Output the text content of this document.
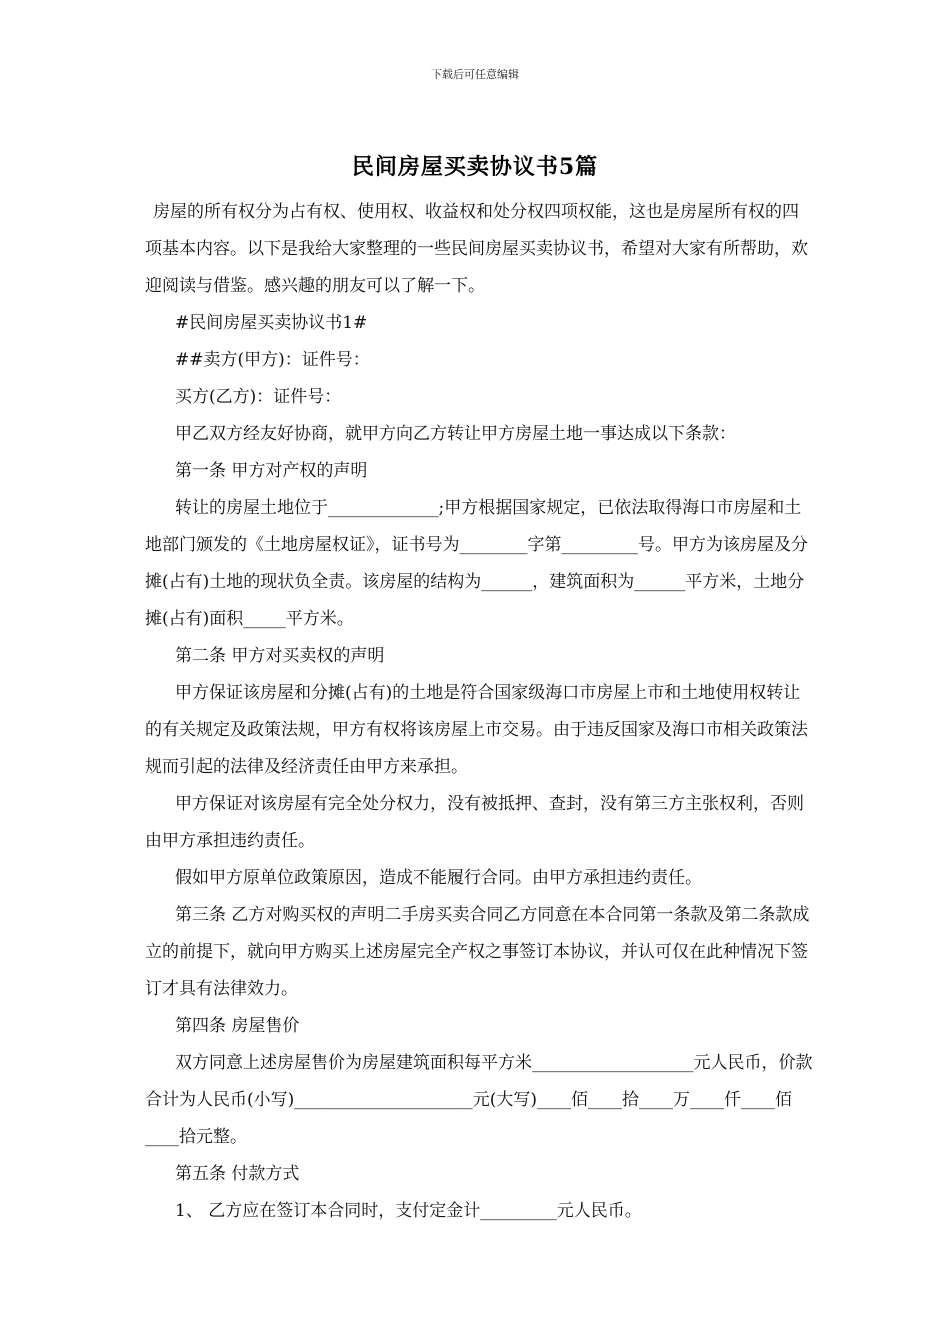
下载后可任意编辑
民间房屋买卖协议书5篇

房屋的所有权分为占有权、使用权、收益权和处分权四项权能，这也是房屋所有权的四项基本内容。以下是我给大家整理的一些民间房屋买卖协议书，希望对大家有所帮助，欢迎阅读与借鉴。感兴趣的朋友可以了解一下。

#民间房屋买卖协议书1#

##卖方(甲方)：证件号：

买方(乙方)：证件号：

甲乙双方经友好协商，就甲方向乙方转让甲方房屋土地一事达成以下条款：

第一条 甲方对产权的声明

转让的房屋土地位于_____________;甲方根据国家规定，已依法取得海口市房屋和土地部门颁发的《土地房屋权证》，证书号为________字第_________号。甲方为该房屋及分摊(占有)土地的现状负全责。该房屋的结构为______，建筑面积为______平方米，土地分摊(占有)面积_____平方米。

第二条 甲方对买卖权的声明

甲方保证该房屋和分摊(占有)的土地是符合国家级海口市房屋上市和土地使用权转让的有关规定及政策法规，甲方有权将该房屋上市交易。由于违反国家及海口市相关政策法规而引起的法律及经济责任由甲方来承担。

甲方保证对该房屋有完全处分权力，没有被抵押、查封，没有第三方主张权利，否则由甲方承担违约责任。

假如甲方原单位政策原因，造成不能履行合同。由甲方承担违约责任。

第三条 乙方对购买权的声明二手房买卖合同乙方同意在本合同第一条款及第二条款成立的前提下，就向甲方购买上述房屋完全产权之事签订本协议，并认可仅在此种情况下签订才具有法律效力。

第四条 房屋售价

双方同意上述房屋售价为房屋建筑面积每平方米___________________元人民币，价款合计为人民币(小写)_____________________元(大写)____佰____拾____万____仟____佰____拾元整。

第五条 付款方式

1、 乙方应在签订本合同时，支付定金计_________元人民币。
